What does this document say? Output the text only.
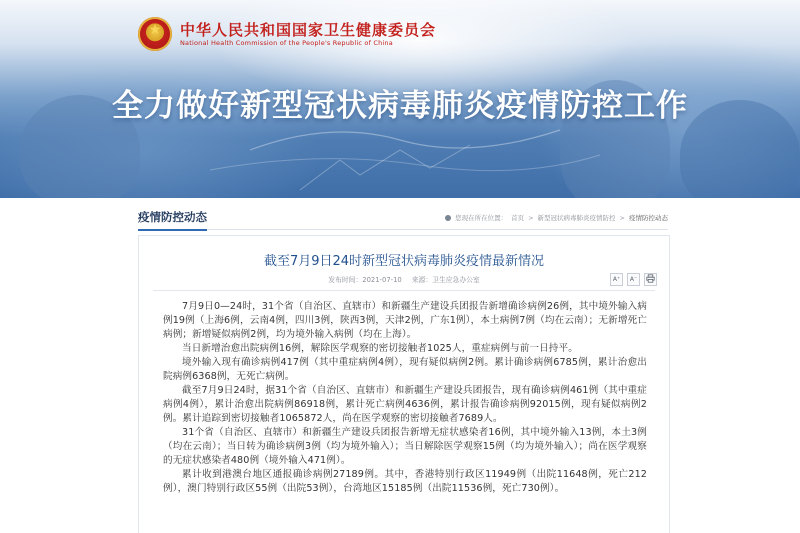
★
中华人民共和国国家卫生健康委员会
National Health Commission of the People's Republic of China
全力做好新型冠状病毒肺炎疫情防控工作
疫情防控动态	您现在所在位置： 首页 > 新型冠状病毒肺炎疫情防控 > 疫情防控动态
截至7月9日24时新型冠状病毒肺炎疫情最新情况
发布时间：2021-07-10 来源：卫生应急办公室	A⁺	A⁻

7月9日0—24时，31个省（自治区、直辖市）和新疆生产建设兵团报告新增确诊病例26例，其中境外输入病例19例（上海6例，云南4例，四川3例，陕西3例，天津2例，广东1例），本土病例7例（均在云南）；无新增死亡病例；新增疑似病例2例，均为境外输入病例（均在上海）。

当日新增治愈出院病例16例，解除医学观察的密切接触者1025人，重症病例与前一日持平。

境外输入现有确诊病例417例（其中重症病例4例），现有疑似病例2例。累计确诊病例6785例，累计治愈出院病例6368例，无死亡病例。

截至7月9日24时，据31个省（自治区、直辖市）和新疆生产建设兵团报告，现有确诊病例461例（其中重症病例4例），累计治愈出院病例86918例，累计死亡病例4636例，累计报告确诊病例92015例，现有疑似病例2例。累计追踪到密切接触者1065872人，尚在医学观察的密切接触者7689人。

31个省（自治区、直辖市）和新疆生产建设兵团报告新增无症状感染者16例，其中境外输入13例，本土3例（均在云南）；当日转为确诊病例3例（均为境外输入）；当日解除医学观察15例（均为境外输入）；尚在医学观察的无症状感染者480例（境外输入471例）。

累计收到港澳台地区通报确诊病例27189例。其中，香港特别行政区11949例（出院11648例，死亡212例），澳门特别行政区55例（出院53例），台湾地区15185例（出院11536例，死亡730例）。
